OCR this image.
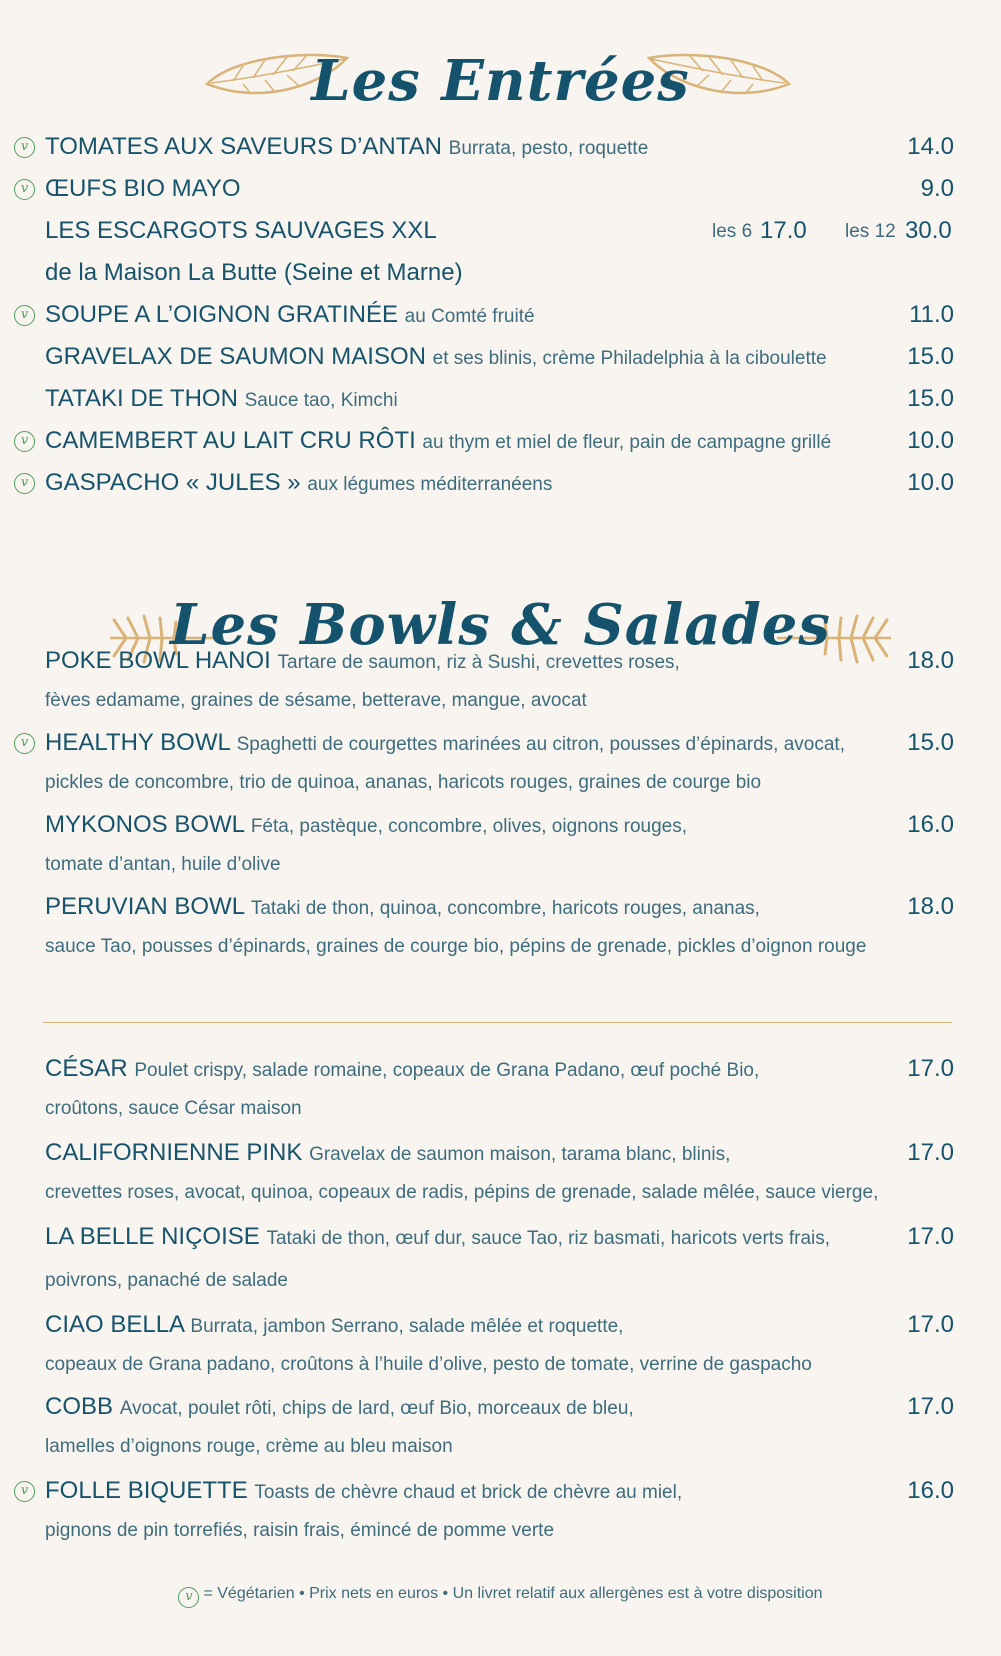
Les Entrées
v TOMATES AUX SAVEURS D’ANTAN Burrata, pesto, roquette	14.0
v ŒUFS BIO MAYO	9.0
LES ESCARGOTS SAUVAGES XXL
de la Maison La Butte (Seine et Marne)
les 6 17.0 les 12 30.0
v SOUPE A L’OIGNON GRATINÉE au Comté fruité	11.0
GRAVELAX DE SAUMON MAISON et ses blinis, crème Philadelphia à la ciboulette	15.0
TATAKI DE THON Sauce tao, Kimchi	15.0
v CAMEMBERT AU LAIT CRU RÔTI au thym et miel de fleur, pain de campagne grillé	10.0
v GASPACHO « JULES » aux légumes méditerranéens	10.0
Les Bowls & Salades
POKE BOWL HANOI Tartare de saumon, riz à Sushi, crevettes roses,	18.0
fèves edamame, graines de sésame, betterave, mangue, avocat
v HEALTHY BOWL Spaghetti de courgettes marinées au citron, pousses d’épinards, avocat,	15.0
pickles de concombre, trio de quinoa, ananas, haricots rouges, graines de courge bio
MYKONOS BOWL Féta, pastèque, concombre, olives, oignons rouges,	16.0
tomate d’antan, huile d’olive
PERUVIAN BOWL Tataki de thon, quinoa, concombre, haricots rouges, ananas,	18.0
sauce Tao, pousses d’épinards, graines de courge bio, pépins de grenade, pickles d’oignon rouge
CÉSAR Poulet crispy, salade romaine, copeaux de Grana Padano, œuf poché Bio,	17.0
croûtons, sauce César maison
CALIFORNIENNE PINK Gravelax de saumon maison, tarama blanc, blinis,	17.0
crevettes roses, avocat, quinoa, copeaux de radis, pépins de grenade, salade mêlée, sauce vierge,
LA BELLE NIÇOISE Tataki de thon, œuf dur, sauce Tao, riz basmati, haricots verts frais,	17.0
poivrons, panaché de salade
CIAO BELLA Burrata, jambon Serrano, salade mêlée et roquette,	17.0
copeaux de Grana padano, croûtons à l’huile d’olive, pesto de tomate, verrine de gaspacho
COBB Avocat, poulet rôti, chips de lard, œuf Bio, morceaux de bleu,	17.0
lamelles d’oignons rouge, crème au bleu maison
v FOLLE BIQUETTE Toasts de chèvre chaud et brick de chèvre au miel,	16.0
pignons de pin torrefiés, raisin frais, émincé de pomme verte
v = Végétarien • Prix nets en euros • Un livret relatif aux allergènes est à votre disposition
